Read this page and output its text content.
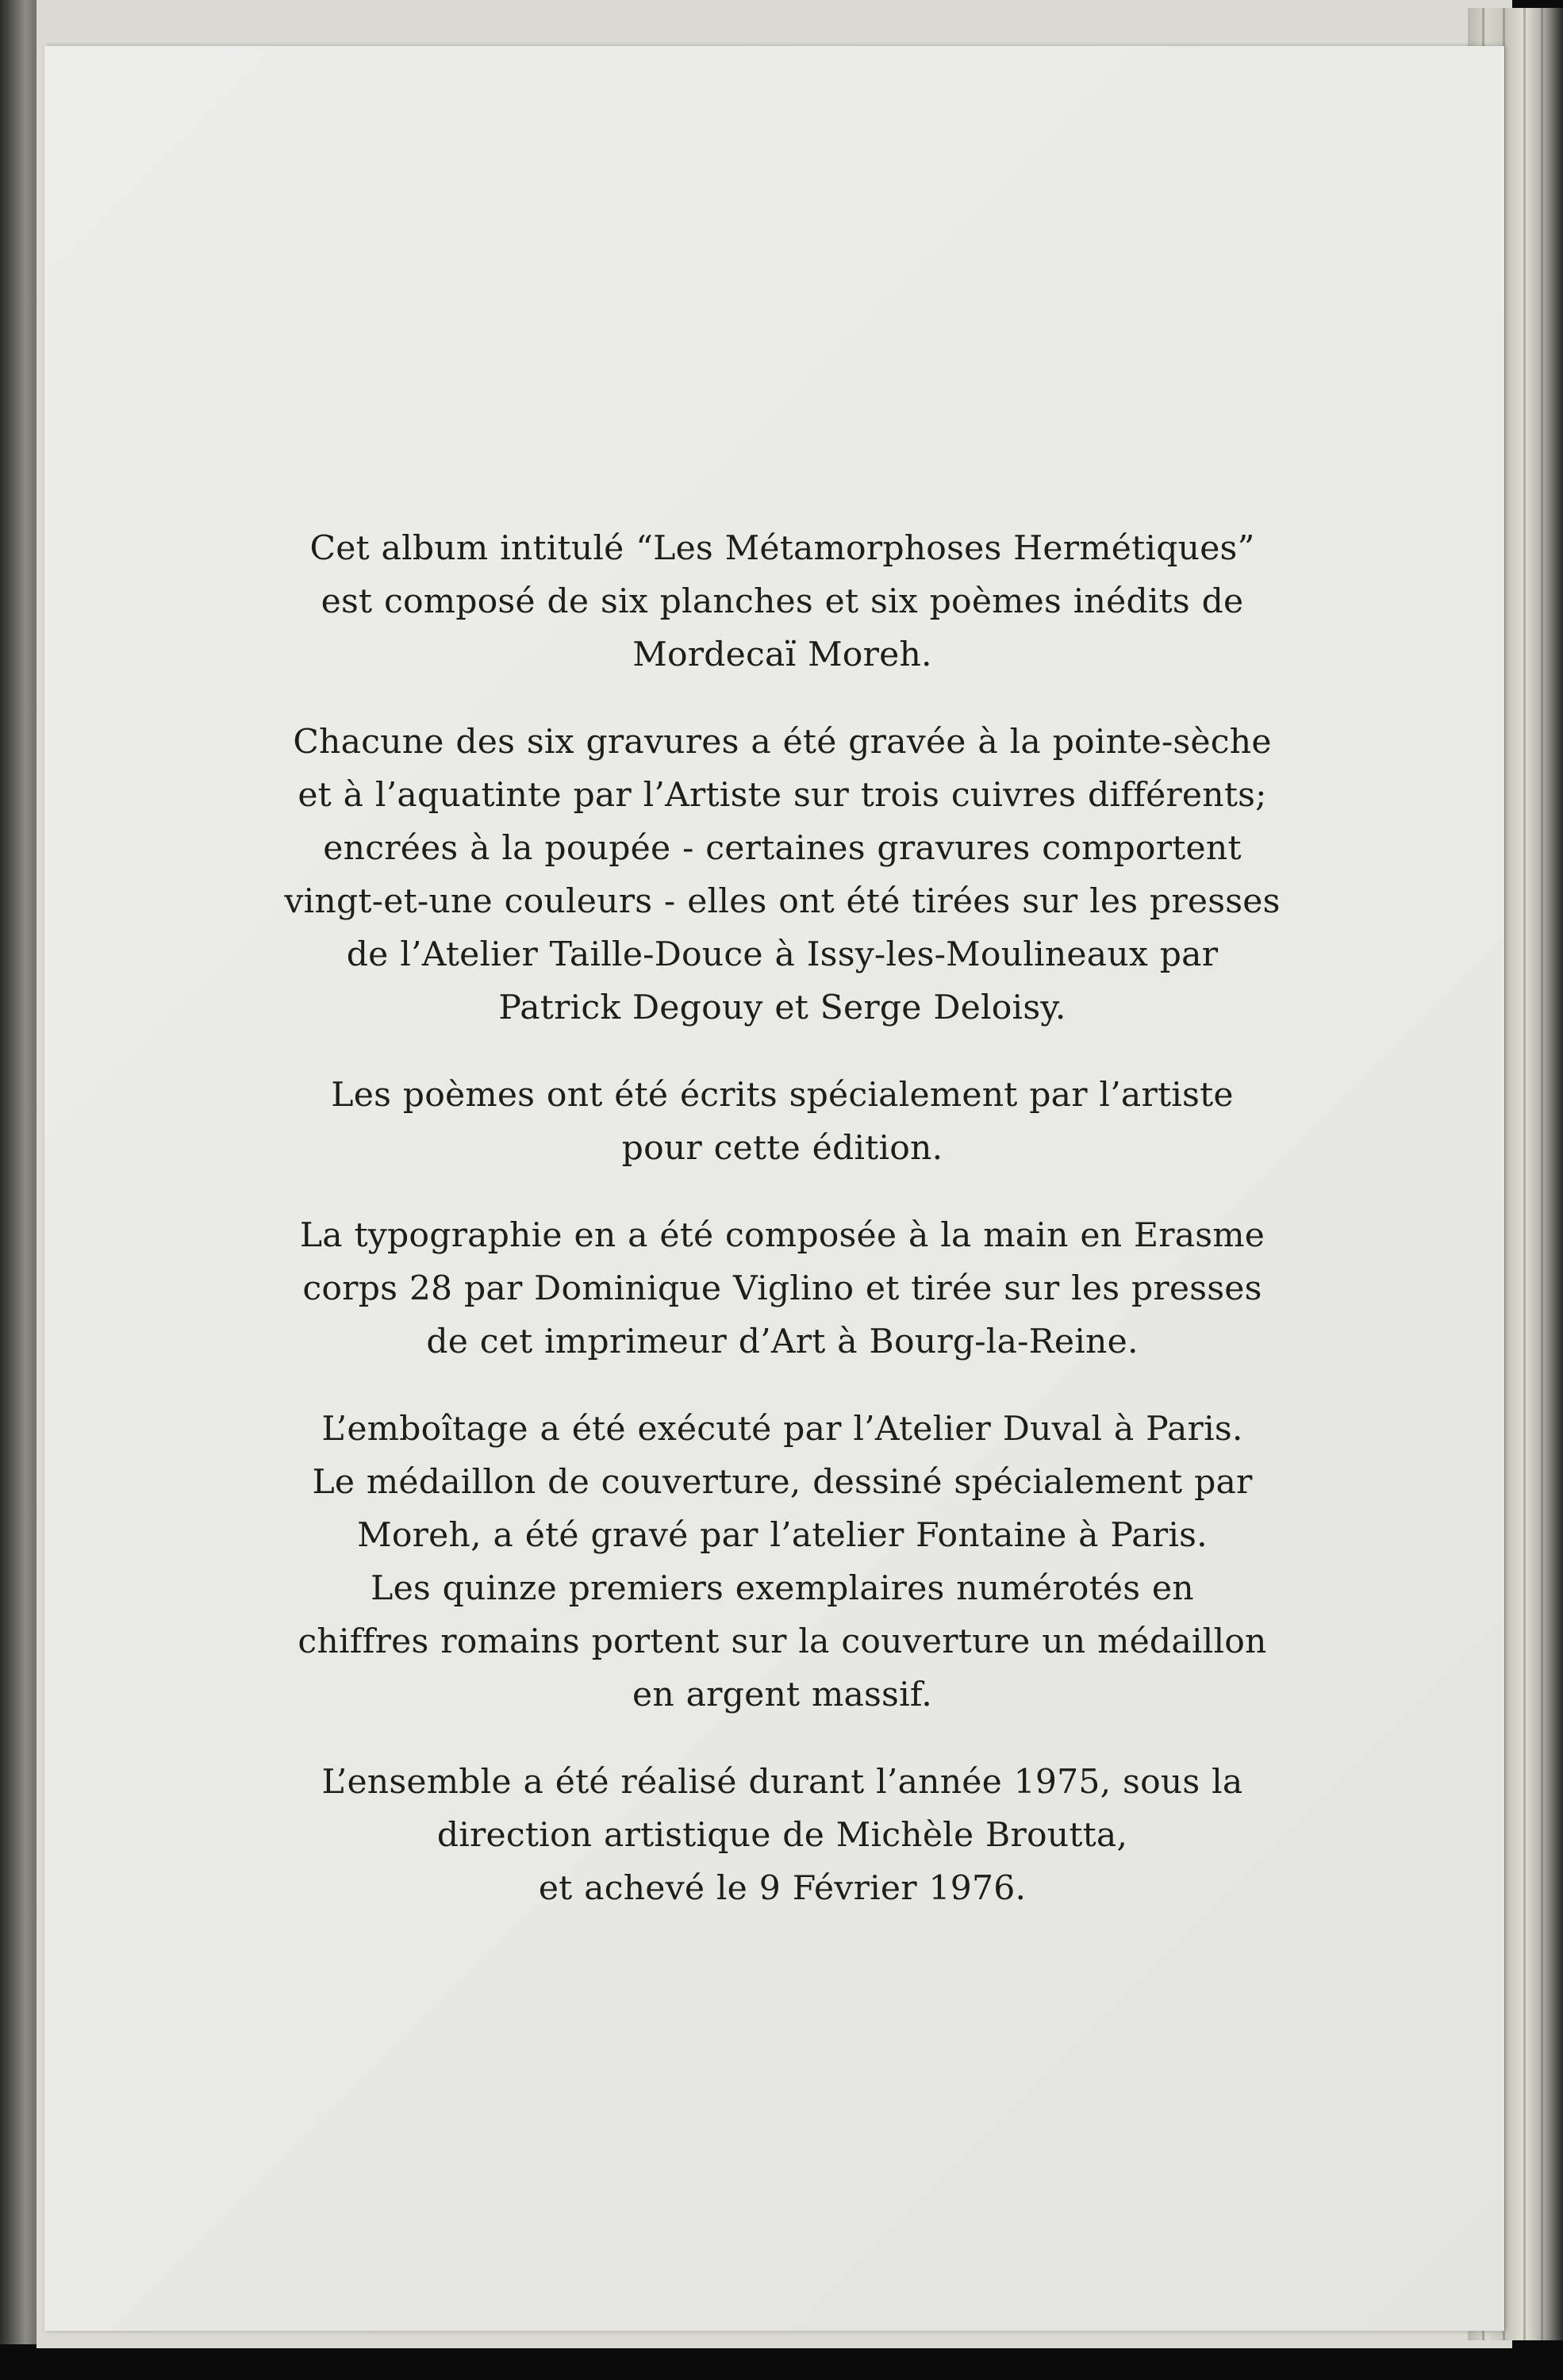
Cet album intitulé “Les Métamorphoses Hermétiques”
est composé de six planches et six poèmes inédits de
Mordecaï Moreh.

Chacune des six gravures a été gravée à la pointe-sèche
et à l’aquatinte par l’Artiste sur trois cuivres différents;
encrées à la poupée - certaines gravures comportent
vingt-et-une couleurs - elles ont été tirées sur les presses
de l’Atelier Taille-Douce à Issy-les-Moulineaux par
Patrick Degouy et Serge Deloisy.

Les poèmes ont été écrits spécialement par l’artiste
pour cette édition.

La typographie en a été composée à la main en Erasme
corps 28 par Dominique Viglino et tirée sur les presses
de cet imprimeur d’Art à Bourg-la-Reine.

L’emboîtage a été exécuté par l’Atelier Duval à Paris.
Le médaillon de couverture, dessiné spécialement par
Moreh, a été gravé par l’atelier Fontaine à Paris.
Les quinze premiers exemplaires numérotés en
chiffres romains portent sur la couverture un médaillon
en argent massif.

L’ensemble a été réalisé durant l’année 1975, sous la
direction artistique de Michèle Broutta,
et achevé le 9 Février 1976.
